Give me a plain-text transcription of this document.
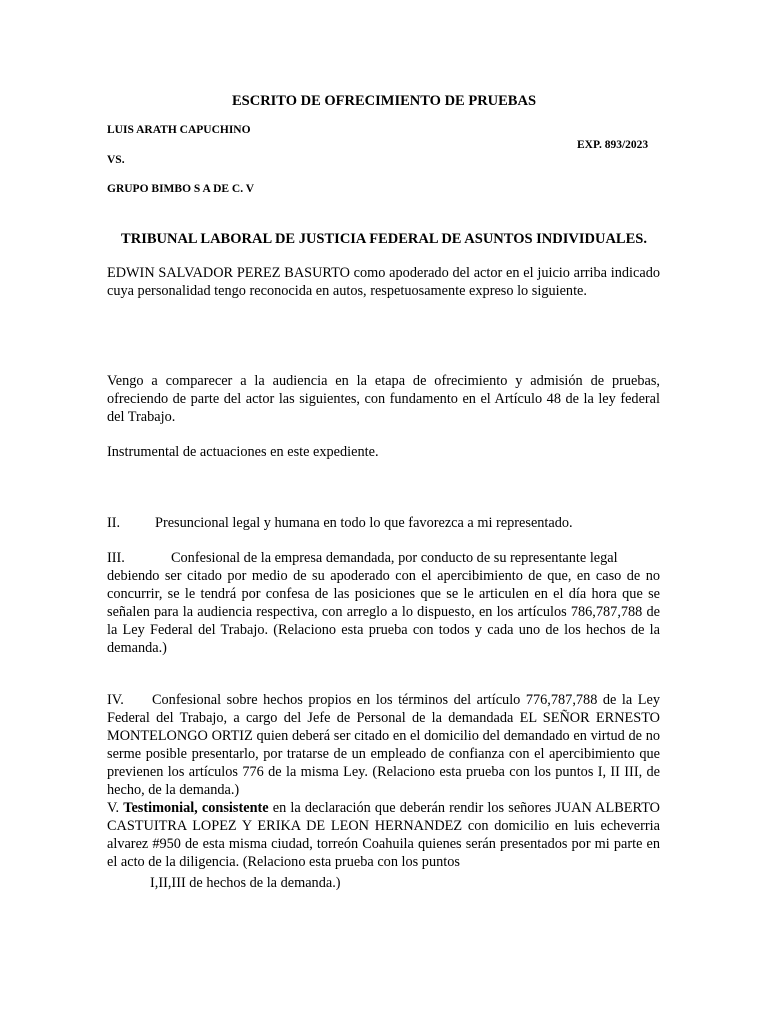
ESCRITO DE OFRECIMIENTO DE PRUEBAS
LUIS ARATH CAPUCHINO
EXP. 893/2023
VS.
GRUPO BIMBO S A DE C. V
TRIBUNAL LABORAL DE JUSTICIA FEDERAL DE ASUNTOS INDIVIDUALES.
EDWIN SALVADOR PEREZ BASURTO como apoderado del actor en el juicio arriba indicado cuya personalidad tengo reconocida en autos, respetuosamente expreso lo siguiente.
Vengo a comparecer a la audiencia en la etapa de ofrecimiento y admisión de pruebas, ofreciendo de parte del actor las siguientes, con fundamento en el Artículo 48 de la ley federal del Trabajo.
Instrumental de actuaciones en este expediente.
II. Presuncional legal y humana en todo lo que favorezca a mi representado.
III.	Confesional de la empresa demandada, por conducto de su representante legal
debiendo ser citado por medio de su apoderado con el apercibimiento de que, en caso de no concurrir, se le tendrá por confesa de las posiciones que se le articulen en el día hora que se señalen para la audiencia respectiva, con arreglo a lo dispuesto, en los artículos 786,787,788 de la Ley Federal del Trabajo. (Relaciono esta prueba con todos y cada uno de los hechos de la demanda.)
IV. Confesional sobre hechos propios en los términos del artículo 776,787,788 de la Ley Federal del Trabajo, a cargo del Jefe de Personal de la demandada EL SEÑOR ERNESTO MONTELONGO ORTIZ quien deberá ser citado en el domicilio del demandado en virtud de no serme posible presentarlo, por tratarse de un empleado de confianza con el apercibimiento que previenen los artículos 776 de la misma Ley. (Relaciono esta prueba con los puntos I, II III, de hecho, de la demanda.)
V. Testimonial, consistente en la declaración que deberán rendir los señores JUAN ALBERTO CASTUITRA LOPEZ Y ERIKA DE LEON HERNANDEZ con domicilio en luis echeverria alvarez #950 de esta misma ciudad, torreón Coahuila quienes serán presentados por mi parte en el acto de la diligencia. (Relaciono esta prueba con los puntos
I,II,III de hechos de la demanda.)
